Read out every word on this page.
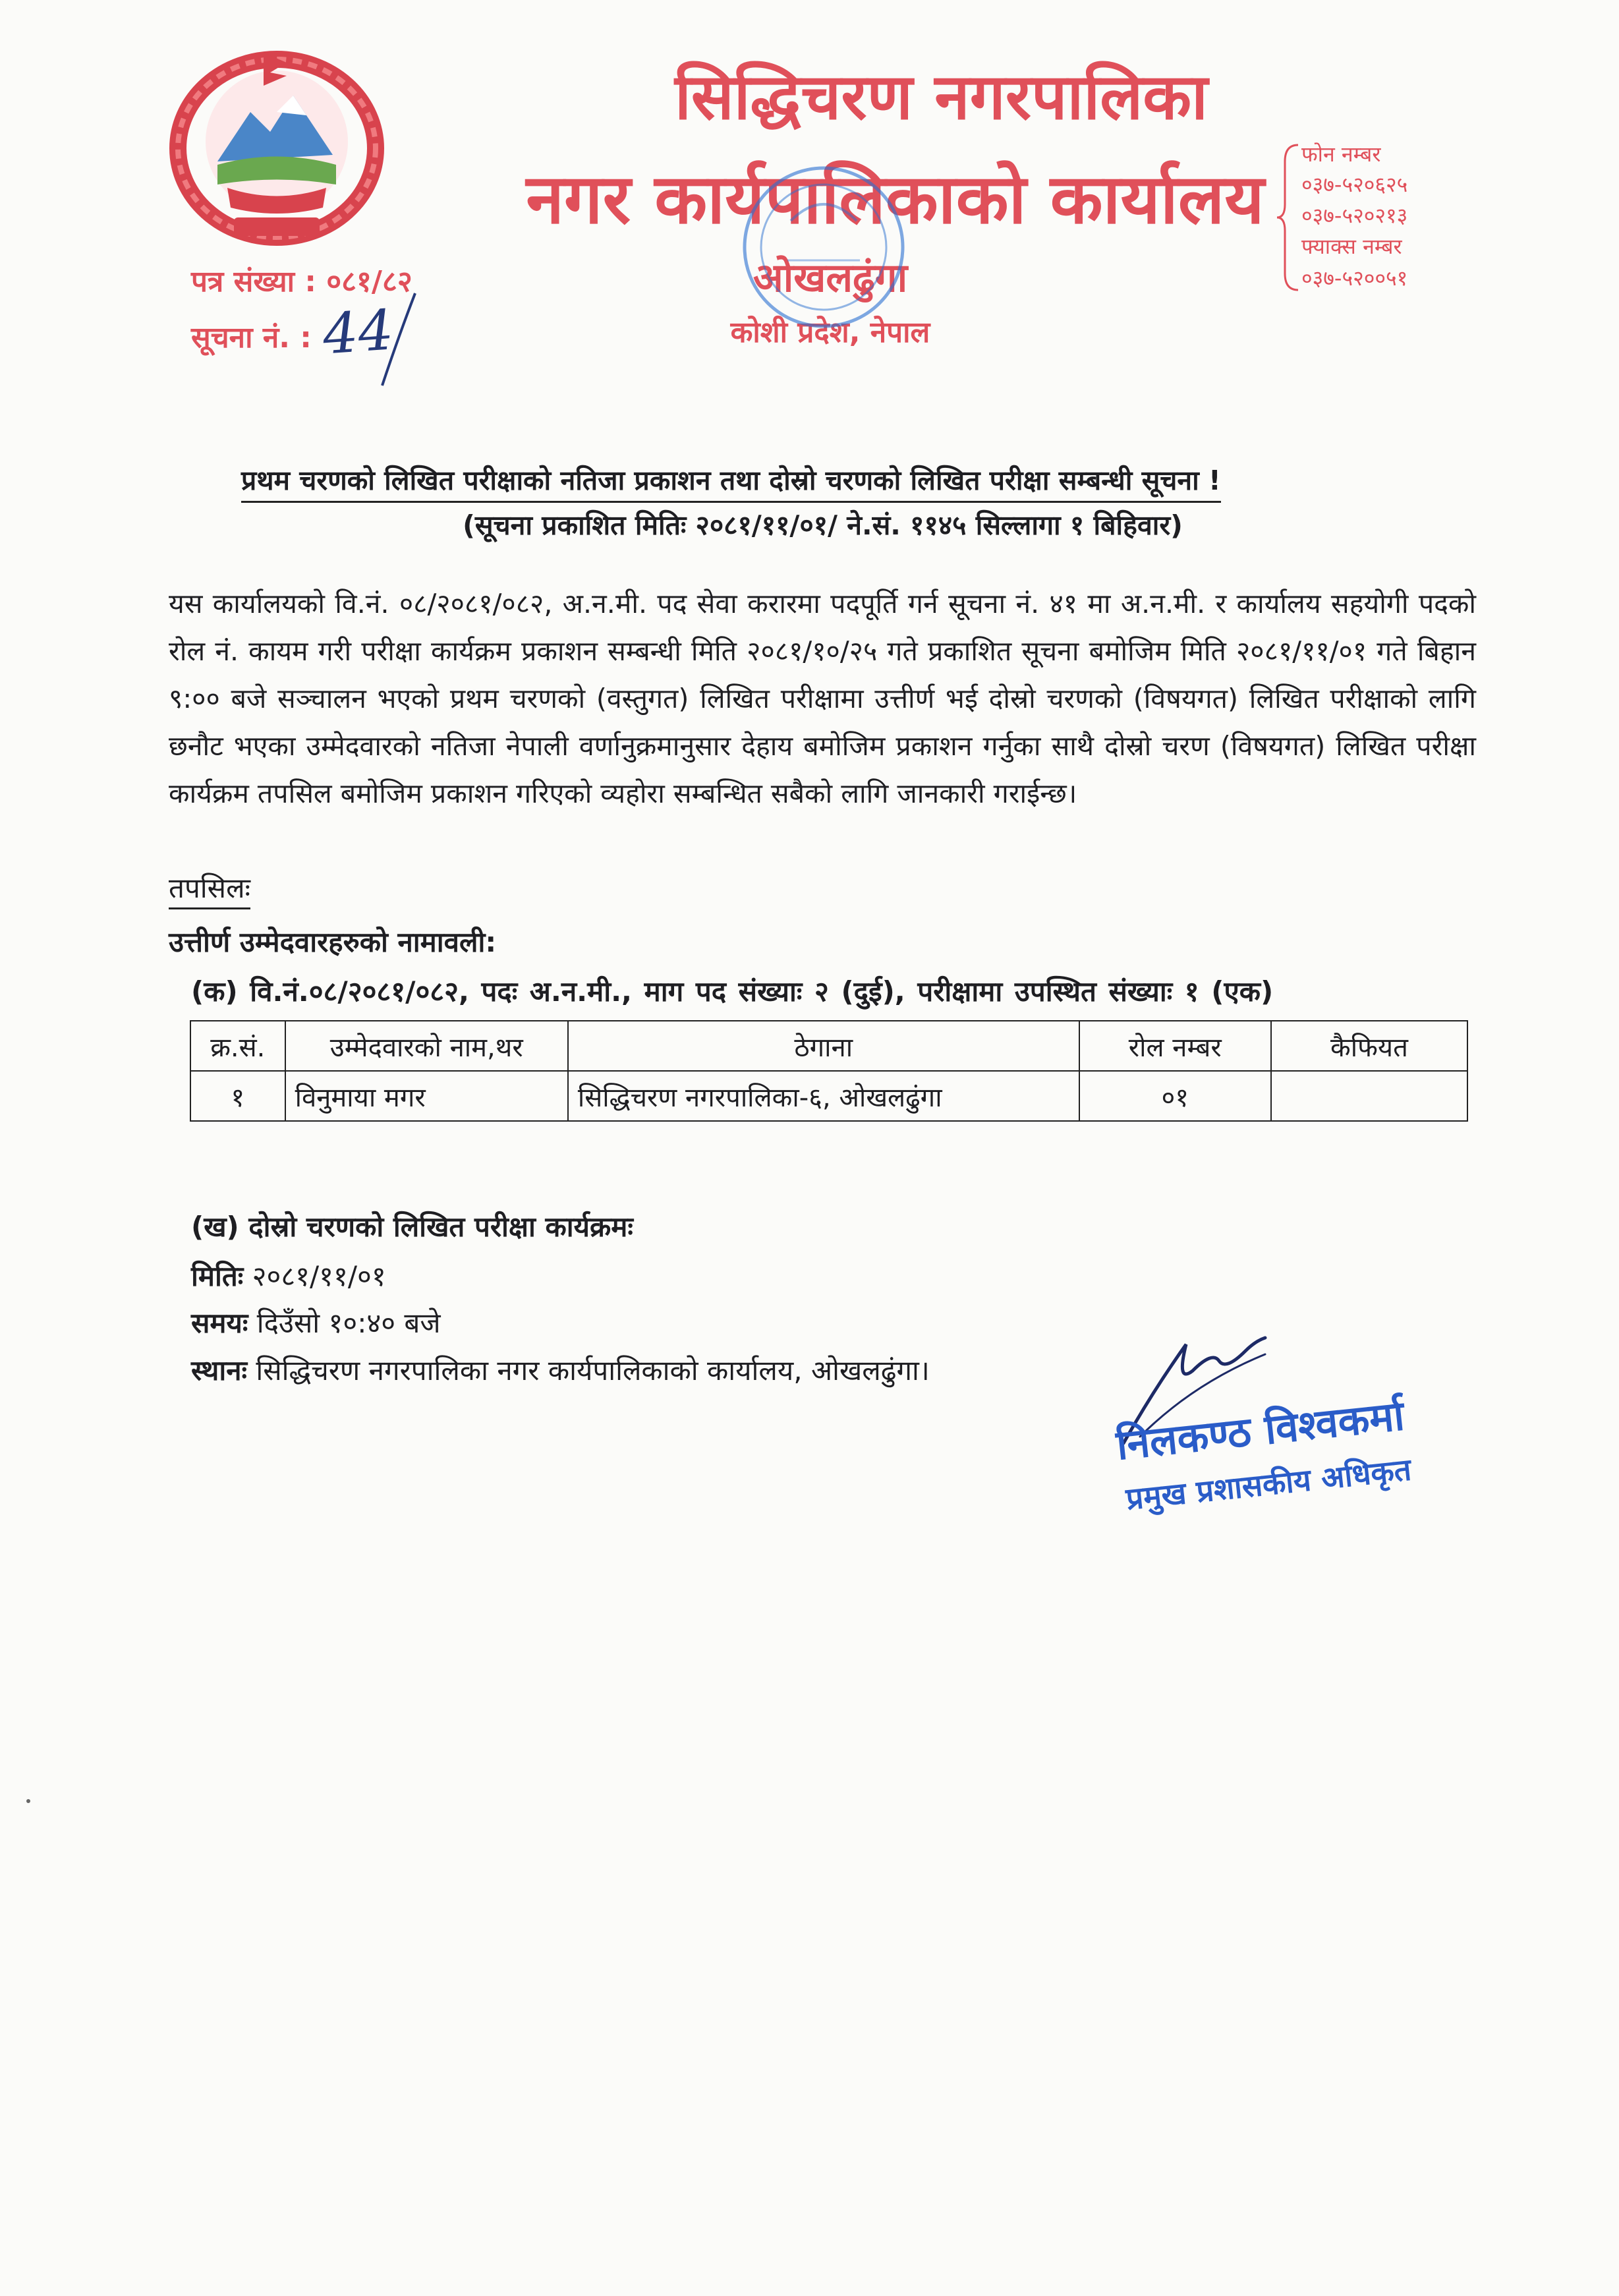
सिद्धिचरण नगरपालिका
नगर कार्यपालिकाको कार्यालय
ओखलढुंगा
कोशी प्रदेश, नेपाल
पत्र संख्या : ०८१/८२
सूचना नं. : 44
फोन नम्बर
०३७-५२०६२५
०३७-५२०२१३
फ्याक्स नम्बर
०३७-५२००५१
प्रथम चरणको लिखित परीक्षाको नतिजा प्रकाशन तथा दोस्रो चरणको लिखित परीक्षा सम्बन्धी सूचना !
(सूचना प्रकाशित मितिः २०८१/११/०१/ ने.सं. ११४५ सिल्लागा १ बिहिवार)
यस कार्यालयको वि.नं. ०८/२०८१/०८२, अ.न.मी. पद सेवा करारमा पदपूर्ति गर्न सूचना नं. ४१ मा अ.न.मी. र कार्यालय सहयोगी पदको रोल नं. कायम गरी परीक्षा कार्यक्रम प्रकाशन सम्बन्धी मिति २०८१/१०/२५ गते प्रकाशित सूचना बमोजिम मिति २०८१/११/०१ गते बिहान ९:०० बजे सञ्चालन भएको प्रथम चरणको (वस्तुगत) लिखित परीक्षामा उत्तीर्ण भई दोस्रो चरणको (विषयगत) लिखित परीक्षाको लागि छनौट भएका उम्मेदवारको नतिजा नेपाली वर्णानुक्रमानुसार देहाय बमोजिम प्रकाशन गर्नुका साथै दोस्रो चरण (विषयगत) लिखित परीक्षा कार्यक्रम तपसिल बमोजिम प्रकाशन गरिएको व्यहोरा सम्बन्धित सबैको लागि जानकारी गराईन्छ।
तपसिलः
उत्तीर्ण उम्मेदवारहरुको नामावली:
(क) वि.नं.०८/२०८१/०८२, पदः अ.न.मी., माग पद संख्याः २ (दुई), परीक्षामा उपस्थित संख्याः १ (एक)
क्र.सं.	उम्मेदवारको नाम,थर	ठेगाना	रोल नम्बर	कैफियत
१	विनुमाया मगर	सिद्धिचरण नगरपालिका-६, ओखलढुंगा	०१	
(ख) दोस्रो चरणको लिखित परीक्षा कार्यक्रमः
मितिः २०८१/११/०१
समयः दिउँसो १०:४० बजे
स्थानः सिद्धिचरण नगरपालिका नगर कार्यपालिकाको कार्यालय, ओखलढुंगा।
निलकण्ठ विश्वकर्मा
प्रमुख प्रशासकीय अधिकृत
